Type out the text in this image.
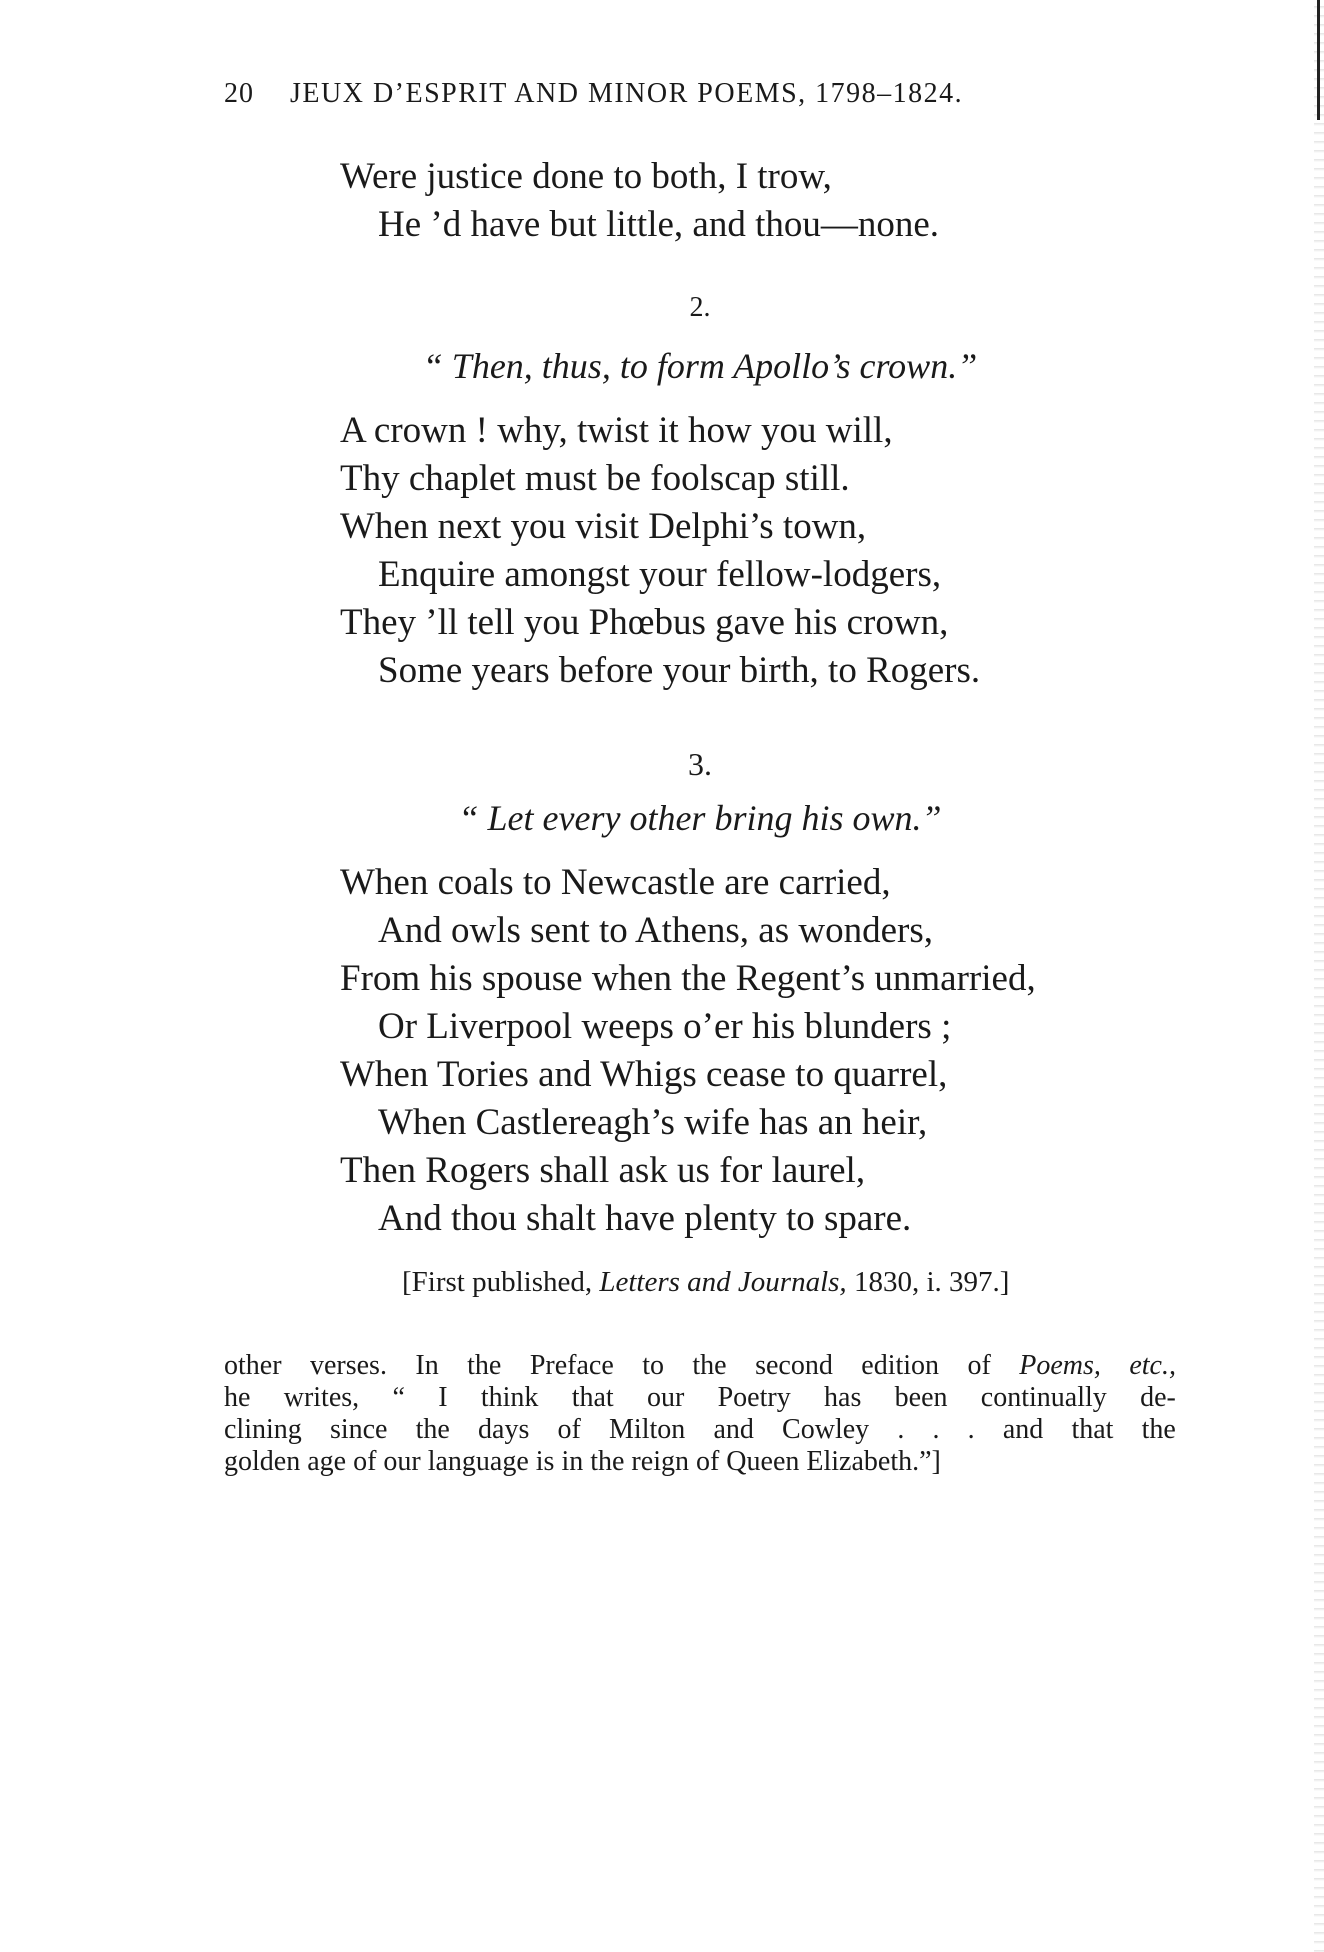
20 JEUX D’ESPRIT AND MINOR POEMS, 1798–1824.
Were justice done to both, I trow,
He ’d have but little, and thou—none.
2.
“ Then, thus, to form Apollo’s crown.”
A crown ! why, twist it how you will,
Thy chaplet must be foolscap still.
When next you visit Delphi’s town,
Enquire amongst your fellow-lodgers,
They ’ll tell you Phœbus gave his crown,
Some years before your birth, to Rogers.
3.
“ Let every other bring his own.”
When coals to Newcastle are carried,
And owls sent to Athens, as wonders,
From his spouse when the Regent’s unmarried,
Or Liverpool weeps o’er his blunders ;
When Tories and Whigs cease to quarrel,
When Castlereagh’s wife has an heir,
Then Rogers shall ask us for laurel,
And thou shalt have plenty to spare.
[First published, Letters and Journals, 1830, i. 397.]
other verses. In the Preface to the second edition of Poems, etc.,
he writes, “ I think that our Poetry has been continually de-
clining since the days of Milton and Cowley . . . and that the
golden age of our language is in the reign of Queen Elizabeth.”]
